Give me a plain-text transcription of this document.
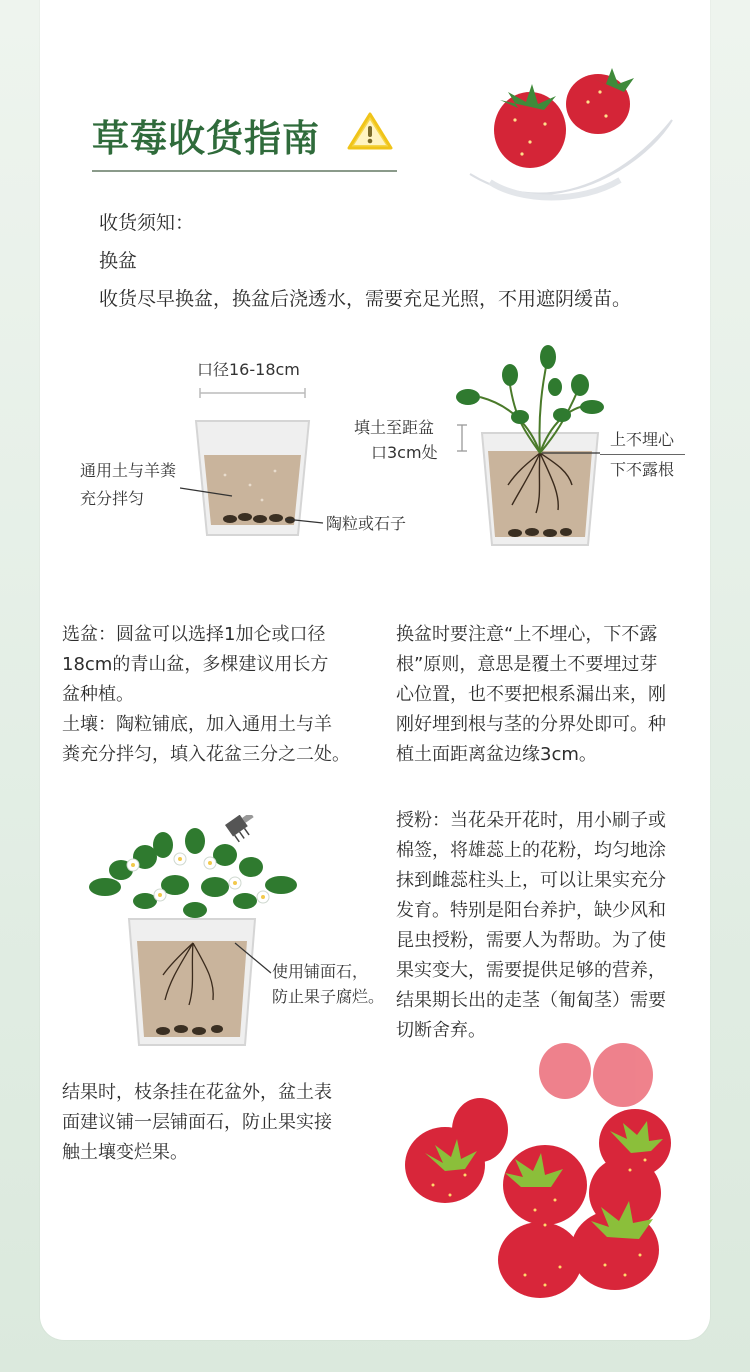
草莓收货指南
收货须知：
换盆
收货尽早换盆，换盆后浇透水，需要充足光照，不用遮阴缓苗。
口径16-18cm
通用土与羊粪
充分拌匀
陶粒或石子
填土至距盆
口3cm处
上不埋心
下不露根
选盆：圆盆可以选择1加仑或口径
18cm的青山盆，多棵建议用长方
盆种植。
土壤：陶粒铺底，加入通用土与羊
粪充分拌匀，填入花盆三分之二处。
换盆时要注意“上不埋心，下不露
根”原则，意思是覆土不要埋过芽
心位置，也不要把根系漏出来，刚
刚好埋到根与茎的分界处即可。种
植土面距离盆边缘3cm。
使用铺面石，
防止果子腐烂。
授粉：当花朵开花时，用小刷子或
棉签，将雄蕊上的花粉，均匀地涂
抹到雌蕊柱头上，可以让果实充分
发育。特别是阳台养护，缺少风和
昆虫授粉，需要人为帮助。为了使
果实变大，需要提供足够的营养，
结果期长出的走茎（匍匐茎）需要
切断舍弃。
结果时，枝条挂在花盆外，盆土表
面建议铺一层铺面石，防止果实接
触土壤变烂果。
